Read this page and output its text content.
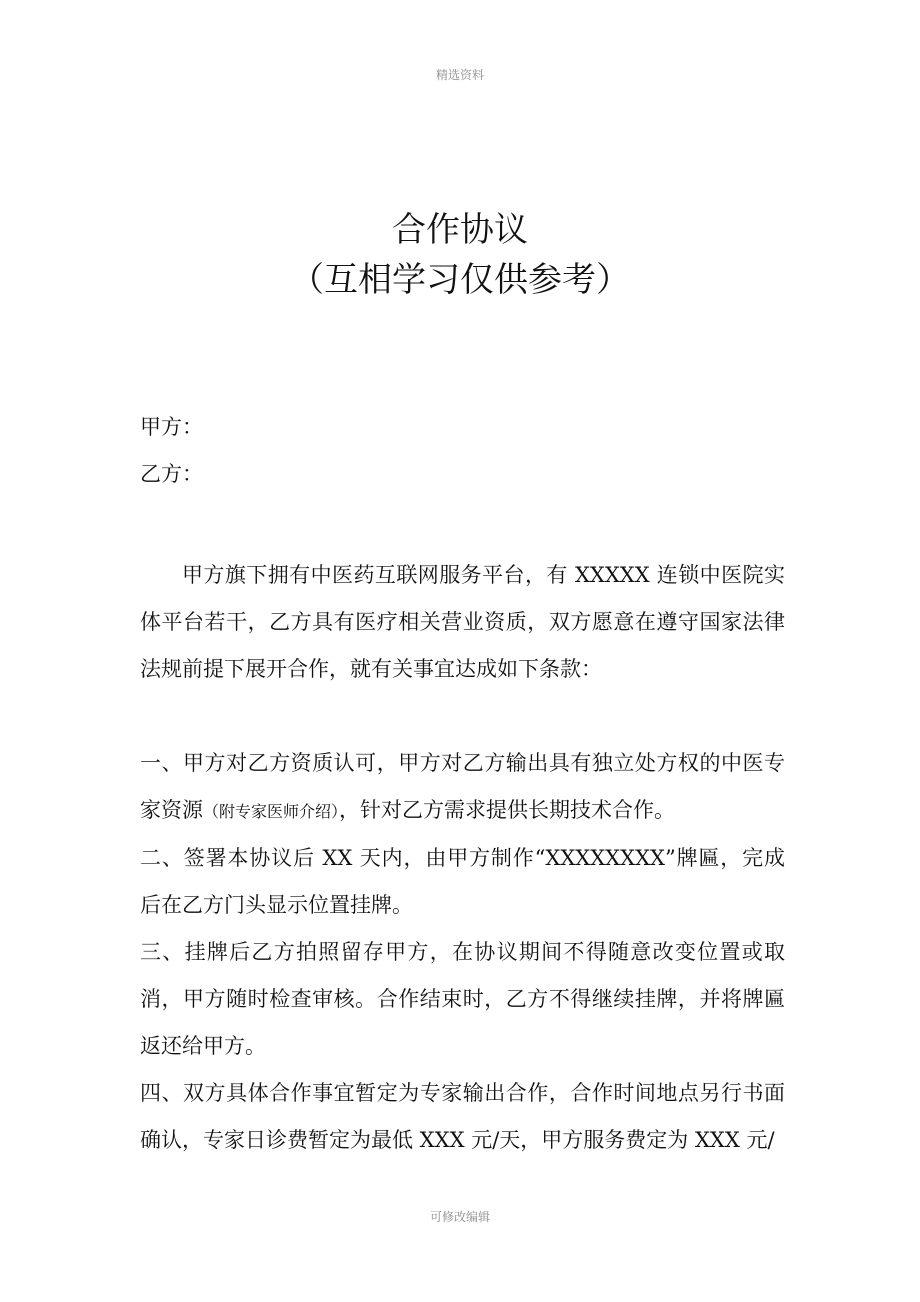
精选资料
合作协议
（互相学习仅供参考）
甲方：
乙方：

甲方旗下拥有中医药互联网服务平台，有 XXXXX 连锁中医院实体平台若干，乙方具有医疗相关营业资质，双方愿意在遵守国家法律法规前提下展开合作，就有关事宜达成如下条款：

一、甲方对乙方资质认可，甲方对乙方输出具有独立处方权的中医专家资源（附专家医师介绍），针对乙方需求提供长期技术合作。

二、签署本协议后 XX 天内，由甲方制作“XXXXXXXX”牌匾，完成后在乙方门头显示位置挂牌。

三、挂牌后乙方拍照留存甲方，在协议期间不得随意改变位置或取消，甲方随时检查审核。合作结束时，乙方不得继续挂牌，并将牌匾返还给甲方。

四、双方具体合作事宜暂定为专家输出合作，合作时间地点另行书面确认，专家日诊费暂定为最低 XXX 元/天，甲方服务费定为 XXX 元/

可修改编辑
